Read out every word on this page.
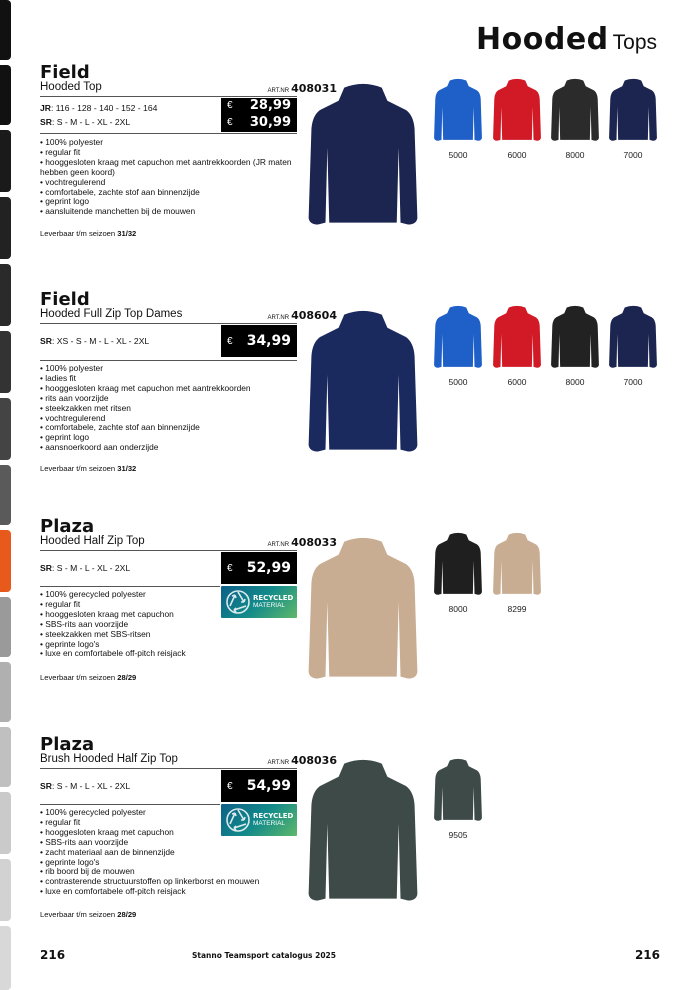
Hooded Tops
Field
Hooded Top	ART.NR 408031
JR: 116 - 128 - 140 - 152 - 164	€ 28,99
SR: S - M - L - XL - 2XL	€ 30,99
• 100% polyester
• regular fit
• hooggesloten kraag met capuchon met aantrekkoorden (JR maten hebben geen koord)
• vochtregulerend
• comfortabele, zachte stof aan binnenzijde
• geprint logo
• aansluitende manchetten bij de mouwen
Leverbaar t/m seizoen 31/32
5000	6000	8000	7000
Field
Hooded Full Zip Top Dames	ART.NR 408604
SR: XS - S - M - L - XL - 2XL	€ 34,99
• 100% polyester
• ladies fit
• hooggesloten kraag met capuchon met aantrekkoorden
• rits aan voorzijde
• steekzakken met ritsen
• vochtregulerend
• comfortabele, zachte stof aan binnenzijde
• geprint logo
• aansnoerkoord aan onderzijde
Leverbaar t/m seizoen 31/32
5000	6000	8000	7000
Plaza
Hooded Half Zip Top	ART.NR 408033
SR: S - M - L - XL - 2XL	€ 52,99
RECYCLED
MATERIAL
• 100% gerecycled polyester
• regular fit
• hooggesloten kraag met capuchon
• SBS-rits aan voorzijde
• steekzakken met SBS-ritsen
• geprinte logo's
• luxe en comfortabele off-pitch reisjack
Leverbaar t/m seizoen 28/29
8000	8299
Plaza
Brush Hooded Half Zip Top	ART.NR 408036
SR: S - M - L - XL - 2XL	€ 54,99
RECYCLED
MATERIAL
• 100% gerecycled polyester
• regular fit
• hooggesloten kraag met capuchon
• SBS-rits aan voorzijde
• zacht materiaal aan de binnenzijde
• geprinte logo's
• rib boord bij de mouwen
• contrasterende structuurstoffen op linkerborst en mouwen
• luxe en comfortabele off-pitch reisjack
Leverbaar t/m seizoen 28/29
9505
216	Stanno Teamsport catalogus 2025	216
